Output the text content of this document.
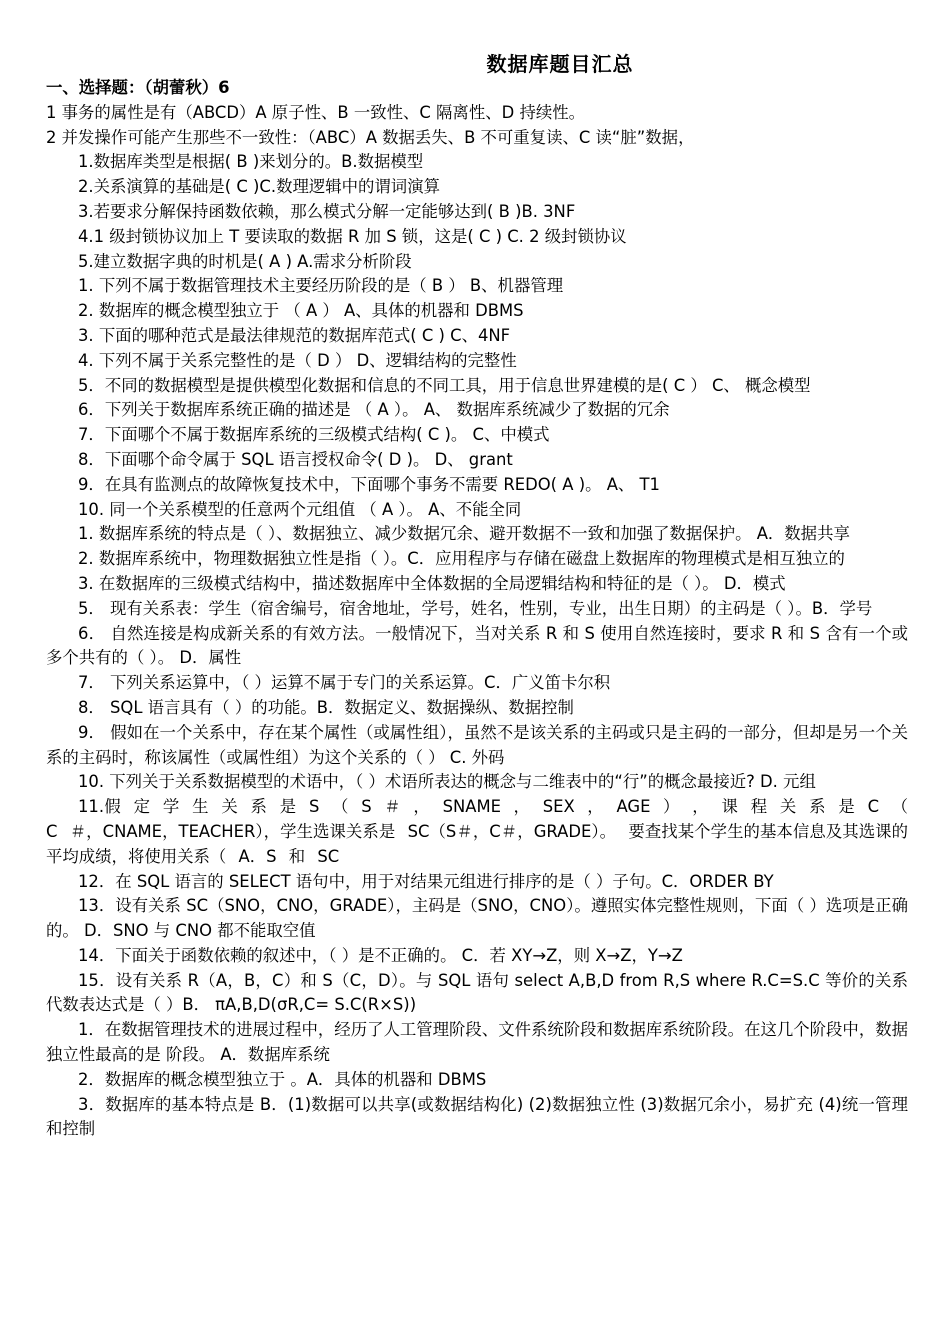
数据库题目汇总

一、选择题：（胡蕾秋）6

1 事务的属性是有（ABCD）A 原子性、B 一致性、C 隔离性、D 持续性。

2 并发操作可能产生那些不一致性：（ABC）A 数据丢失、B 不可重复读、C 读“脏”数据，

1.数据库类型是根据( B )来划分的。B.数据模型

2.关系演算的基础是( C )C.数理逻辑中的谓词演算

3.若要求分解保持函数依赖，那么模式分解一定能够达到( B )B. 3NF

4.1 级封锁协议加上 T 要读取的数据 R 加 S 锁，这是( C ) C. 2 级封锁协议

5.建立数据字典的时机是( A ) A.需求分析阶段

1. 下列不属于数据管理技术主要经历阶段的是（ B ） B、机器管理

2. 数据库的概念模型独立于 （ A ） A、具体的机器和 DBMS

3. 下面的哪种范式是最法律规范的数据库范式( C ) C、4NF

4. 下列不属于关系完整性的是（ D ） D、逻辑结构的完整性

5．不同的数据模型是提供模型化数据和信息的不同工具，用于信息世界建模的是( C ） C、 概念模型

6．下列关于数据库系统正确的描述是 （ A ）。 A、 数据库系统减少了数据的冗余

7．下面哪个不属于数据库系统的三级模式结构( C )。 C、中模式

8．下面哪个命令属于 SQL 语言授权命令( D )。 D、 grant

9．在具有监测点的故障恢复技术中，下面哪个事务不需要 REDO( A )。 A、 T1

10. 同一个关系模型的任意两个元组值 （ A ）。 A、不能全同

1. 数据库系统的特点是（ ）、数据独立、减少数据冗余、避开数据不一致和加强了数据保护。 A．数据共享

2. 数据库系统中，物理数据独立性是指（ ）。C．应用程序与存储在磁盘上数据库的物理模式是相互独立的

3. 在数据库的三级模式结构中，描述数据库中全体数据的全局逻辑结构和特征的是（ ）。 D．模式

5． 现有关系表：学生（宿舍编号，宿舍地址，学号，姓名，性别，专业，出生日期）的主码是（ ）。B．学号

6． 自然连接是构成新关系的有效方法。一般情况下，当对关系 R 和 S 使用自然连接时，要求 R 和 S 含有一个或多个共有的（ ）。 D．属性

7． 下列关系运算中，（ ）运算不属于专门的关系运算。C．广义笛卡尔积

8． SQL 语言具有（ ）的功能。B．数据定义、数据操纵、数据控制

9． 假如在一个关系中，存在某个属性（或属性组），虽然不是该关系的主码或只是主码的一部分，但却是另一个关系的主码时，称该属性（或属性组）为这个关系的（ ） C. 外码

10. 下列关于关系数据模型的术语中，（ ）术语所表达的概念与二维表中的“行”的概念最接近? D. 元组

11.假 定 学 生 关 系 是 S （ S ＃ ， SNAME ， SEX ， AGE ） ， 课 程 关 系 是 C （ C ＃，CNAME，TEACHER），学生选课关系是 SC（S＃，C＃，GRADE）。 要查找某个学生的基本信息及其选课的平均成绩，将使用关系（ A．S 和 SC

12．在 SQL 语言的 SELECT 语句中，用于对结果元组进行排序的是（ ）子句。C．ORDER BY

13．设有关系 SC（SNO，CNO，GRADE），主码是（SNO，CNO）。遵照实体完整性规则，下面（ ）选项是正确的。 D．SNO 与 CNO 都不能取空值

14．下面关于函数依赖的叙述中，（ ）是不正确的。 C．若 XY→Z，则 X→Z，Y→Z

15．设有关系 R（A，B，C）和 S（C，D）。与 SQL 语句 select A,B,D from R,S where R.C=S.C 等价的关系代数表达式是（ ）B． πA,B,D(σR,C= S.C(R×S))

1．在数据管理技术的进展过程中，经历了人工管理阶段、文件系统阶段和数据库系统阶段。在这几个阶段中，数据独立性最高的是 阶段。 A．数据库系统

2．数据库的概念模型独立于 。A．具体的机器和 DBMS

3．数据库的基本特点是 B．(1)数据可以共享(或数据结构化) (2)数据独立性 (3)数据冗余小，易扩充 (4)统一管理和控制
